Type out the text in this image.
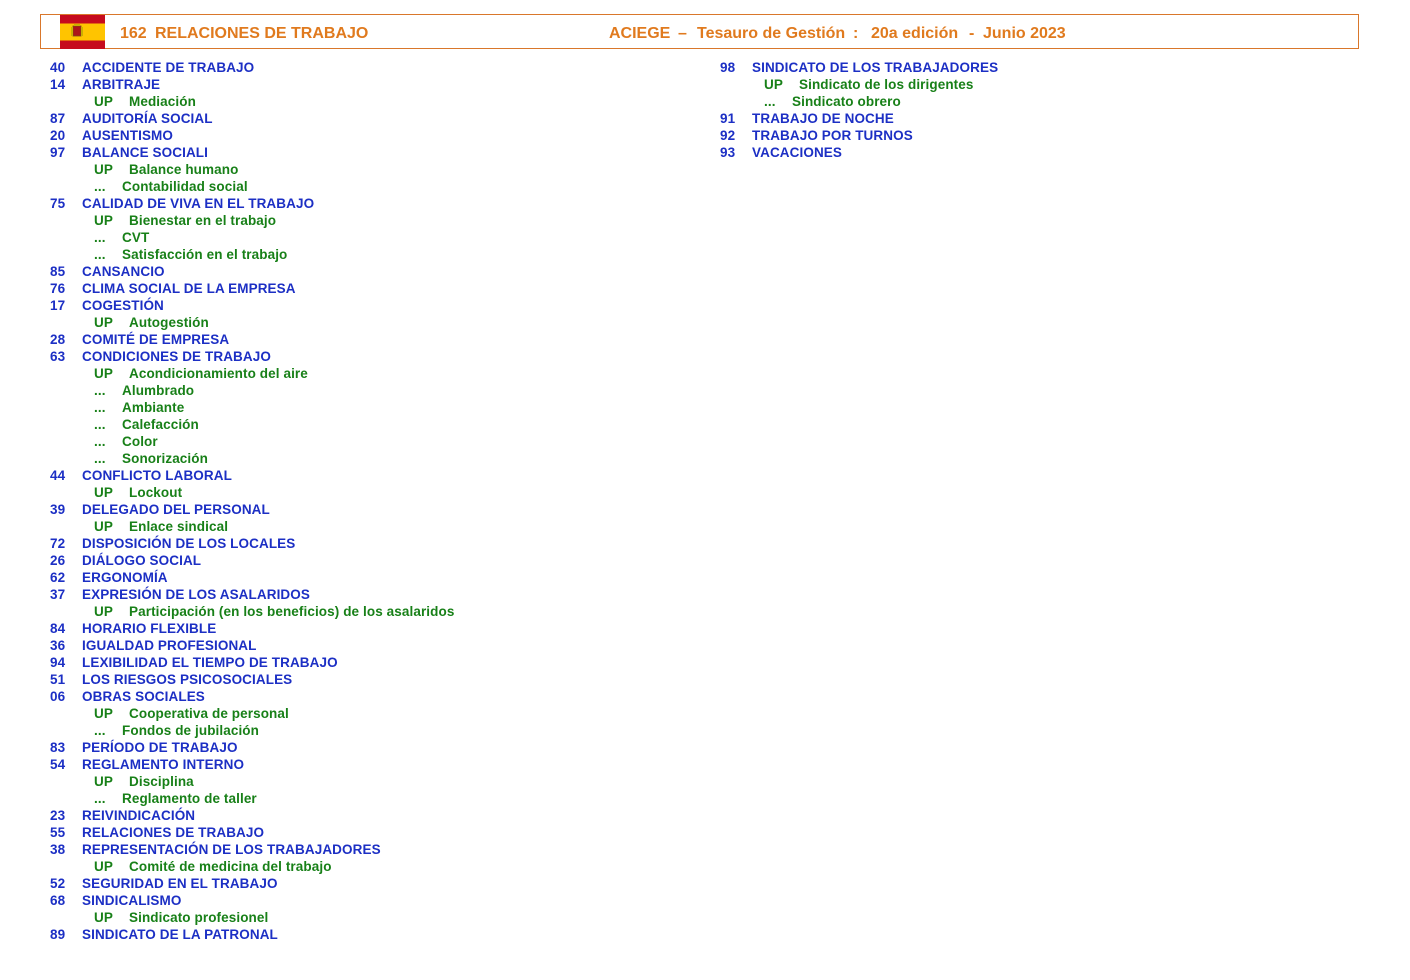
162 RELACIONES DE TRABAJO	ACIEGE – Tesauro de Gestión : 20a edición - Junio 2023
40 ACCIDENTE DE TRABAJO
14 ARBITRAJE
UP Mediación
87 AUDITORÍA SOCIAL
20 AUSENTISMO
97 BALANCE SOCIALI
UP Balance humano
... Contabilidad social
75 CALIDAD DE VIVA EN EL TRABAJO
UP Bienestar en el trabajo
... CVT
... Satisfacción en el trabajo
85 CANSANCIO
76 CLIMA SOCIAL DE LA EMPRESA
17 COGESTIÓN
UP Autogestión
28 COMITÉ DE EMPRESA
63 CONDICIONES DE TRABAJO
UP Acondicionamiento del aire
... Alumbrado
... Ambiante
... Calefacción
... Color
... Sonorización
44 CONFLICTO LABORAL
UP Lockout
39 DELEGADO DEL PERSONAL
UP Enlace sindical
72 DISPOSICIÓN DE LOS LOCALES
26 DIÁLOGO SOCIAL
62 ERGONOMÍA
37 EXPRESIÓN DE LOS ASALARIDOS
UP Participación (en los beneficios) de los asalaridos
84 HORARIO FLEXIBLE
36 IGUALDAD PROFESIONAL
94 LEXIBILIDAD EL TIEMPO DE TRABAJO
51 LOS RIESGOS PSICOSOCIALES
06 OBRAS SOCIALES
UP Cooperativa de personal
... Fondos de jubilación
83 PERÍODO DE TRABAJO
54 REGLAMENTO INTERNO
UP Disciplina
... Reglamento de taller
23 REIVINDICACIÓN
55 RELACIONES DE TRABAJO
38 REPRESENTACIÓN DE LOS TRABAJADORES
UP Comité de medicina del trabajo
52 SEGURIDAD EN EL TRABAJO
68 SINDICALISMO
UP Sindicato profesionel
89 SINDICATO DE LA PATRONAL
98 SINDICATO DE LOS TRABAJADORES
UP Sindicato de los dirigentes
... Sindicato obrero
91 TRABAJO DE NOCHE
92 TRABAJO POR TURNOS
93 VACACIONES
